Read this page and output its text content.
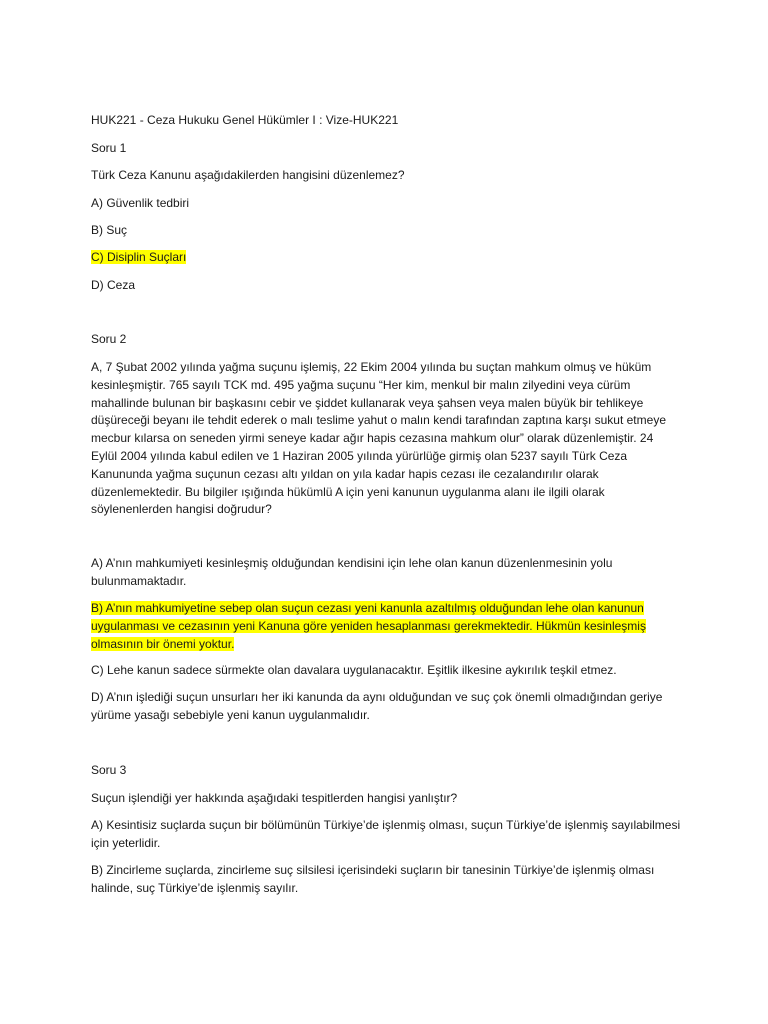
HUK221 - Ceza Hukuku Genel Hükümler I : Vize-HUK221

Soru 1

Türk Ceza Kanunu aşağıdakilerden hangisini düzenlemez?

A) Güvenlik tedbiri

B) Suç

C) Disiplin Suçları

D) Ceza

Soru 2

A, 7 Şubat 2002 yılında yağma suçunu işlemiş, 22 Ekim 2004 yılında bu suçtan mahkum olmuş ve hüküm kesinleşmiştir. 765 sayılı TCK md. 495 yağma suçunu “Her kim, menkul bir malın zilyedini veya cürüm mahallinde bulunan bir başkasını cebir ve şiddet kullanarak veya şahsen veya malen büyük bir tehlikeye düşüreceği beyanı ile tehdit ederek o malı teslime yahut o malın kendi tarafından zaptına karşı sukut etmeye mecbur kılarsa on seneden yirmi seneye kadar ağır hapis cezasına mahkum olur” olarak düzenlemiştir. 24 Eylül 2004 yılında kabul edilen ve 1 Haziran 2005 yılında yürürlüğe girmiş olan 5237 sayılı Türk Ceza Kanununda yağma suçunun cezası altı yıldan on yıla kadar hapis cezası ile cezalandırılır olarak düzenlemektedir. Bu bilgiler ışığında hükümlü A için yeni kanunun uygulanma alanı ile ilgili olarak söylenenlerden hangisi doğrudur?

A) A’nın mahkumiyeti kesinleşmiş olduğundan kendisini için lehe olan kanun düzenlenmesinin yolu bulunmamaktadır.

B) A’nın mahkumiyetine sebep olan suçun cezası yeni kanunla azaltılmış olduğundan lehe olan kanunun uygulanması ve cezasının yeni Kanuna göre yeniden hesaplanması gerekmektedir. Hükmün kesinleşmiş olmasının bir önemi yoktur.

C) Lehe kanun sadece sürmekte olan davalara uygulanacaktır. Eşitlik ilkesine aykırılık teşkil etmez.

D) A’nın işlediği suçun unsurları her iki kanunda da aynı olduğundan ve suç çok önemli olmadığından geriye yürüme yasağı sebebiyle yeni kanun uygulanmalıdır.

Soru 3

Suçun işlendiği yer hakkında aşağıdaki tespitlerden hangisi yanlıştır?

A) Kesintisiz suçlarda suçun bir bölümünün Türkiye’de işlenmiş olması, suçun Türkiye’de işlenmiş sayılabilmesi için yeterlidir.

B) Zincirleme suçlarda, zincirleme suç silsilesi içerisindeki suçların bir tanesinin Türkiye’de işlenmiş olması halinde, suç Türkiye’de işlenmiş sayılır.
